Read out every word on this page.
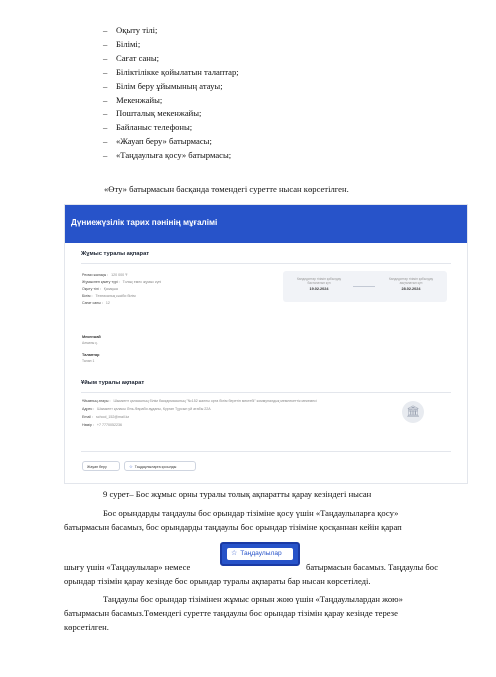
– Оқыту тілі;
– Білімі;
– Сағат саны;
– Біліктілікке қойылатын талаптар;
– Білім беру ұйымының атауы;
– Мекенжайы;
– Пошталық мекенжайы;
– Байланыс телефоны;
– «Жауап беру» батырмасы;
– «Таңдаулыға қосу» батырмасы;
«Өту» батырмасын басқанда төмендегі суретте нысан көрсетілген.
Дүниежүзілік тарих пәнінің мұғалімі
Жұмыс туралы ақпарат
Ресми жалақы : 120 000 ₸
Жұмыспен қамту түрі : Толық емес жұмыс күні
Оқыту тілі : Қазақша
Білім : Техникалық кәсіби білім
Сағат саны : 12
Кандидаттар тізімін қабылдау басталатын күн
19.02.2024
Кандидаттар тізімін қабылдау аяқталатын күн
28.02.2024
Мекенжай
Алматы қ.
Талаптар
Талап 1
Ұйым туралы ақпарат
Ұйымның атауы : Шымкент қаласының білім басқармасының "№152 жалпы орта білім беретін мектебі" коммуналдық мемлекеттік мекемесі
Адрес : Шымкент қаласы Әль-Фараби ауданы, Курган Тұрсын уй атабы 22А
Email : school_152@mail.kz
Нөмір : +7 7770052236
🏛
Жауап беру	☆ Таңдаулыларға қосылды
9 сурет– Бос жұмыс орны туралы толық ақпаратты қарау кезіндегі нысан
Бос орындарды таңдаулы бос орындар тізіміне қосу үшін «Таңдаулыларға қосу»
батырмасын басамыз, бос орындарды таңдаулы бос орындар тізіміне қосқаннан кейін қарап
шығу үшін «Таңдаулылар» немесе
☆ Таңдаулылар
батырмасын басамыз. Таңдаулы бос
орындар тізімін қарау кезінде бос орындар туралы ақпараты бар нысан көрсетіледі.
Таңдаулы бос орындар тізімінен жұмыс орнын жою үшін «Таңдаулылардан жою»
батырмасын басамыз.Төмендегі суретте таңдаулы бос орындар тізімін қарау кезінде терезе
көрсетілген.
